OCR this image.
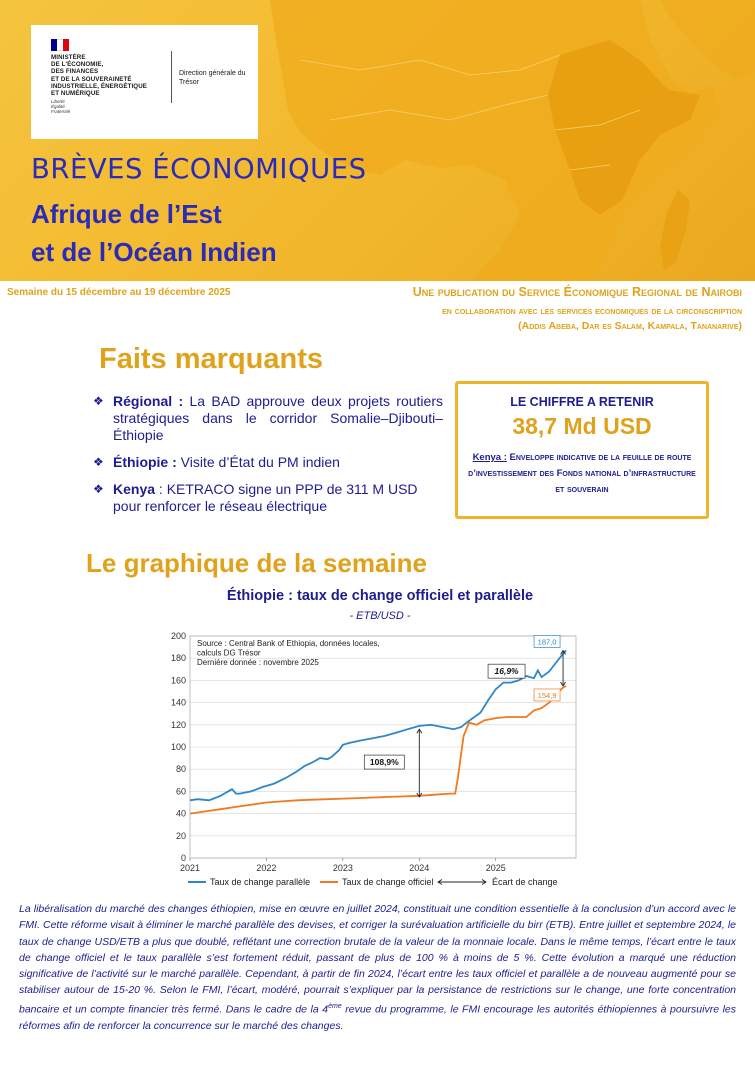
MINISTÈRE
DE L'ÉCONOMIE,
DES FINANCES
ET DE LA SOUVERAINETÉ
INDUSTRIELLE, ÉNERGÉTIQUE
ET NUMÉRIQUE
Liberté
Égalité
Fraternité
Direction générale du Trésor
BRÈVES ÉCONOMIQUES
Afrique de l’Est
et de l’Océan Indien
Semaine du 15 décembre au 19 décembre 2025	Une publication du Service Économique Regional de Nairobi
en collaboration avec les services economiques de la circonscription
(Addis Abeba, Dar es Salam, Kampala, Tananarive)
Faits marquants
❖ Régional : La BAD approuve deux projets routiers stratégiques dans le corridor Somalie–Djibouti–Éthiopie
❖ Éthiopie : Visite d’État du PM indien
❖ Kenya : KETRACO signe un PPP de 311 M USD pour renforcer le réseau électrique
LE CHIFFRE A RETENIR
38,7 Md USD
Kenya : Enveloppe indicative de la feuille de route d’investissement des Fonds national d’infrastructure et souverain
Le graphique de la semaine
Éthiopie : taux de change officiel et parallèle
- ETB/USD -
0
20
40
60
80
100
120
140
160
180
200
2021	2022	2023	2024	2025
Source : Central Bank of Ethiopia, données locales,
calculs DG Trésor
Dernière donnée : novembre 2025
108,9%
16,9%
187,0
154,9
Taux de change parallèle	Taux de change officiel	Écart de change
La libéralisation du marché des changes éthiopien, mise en œuvre en juillet 2024, constituait une condition essentielle à la conclusion d’un accord avec le FMI. Cette réforme visait à éliminer le marché parallèle des devises, et corriger la surévaluation artificielle du birr (ETB). Entre juillet et septembre 2024, le taux de change USD/ETB a plus que doublé, reflétant une correction brutale de la valeur de la monnaie locale. Dans le même temps, l’écart entre le taux de change officiel et le taux parallèle s’est fortement réduit, passant de plus de 100 % à moins de 5 %. Cette évolution a marqué une réduction significative de l’activité sur le marché parallèle. Cependant, à partir de fin 2024, l’écart entre les taux officiel et parallèle a de nouveau augmenté pour se stabiliser autour de 15-20 %. Selon le FMI, l’écart, modéré, pourrait s’expliquer par la persistance de restrictions sur le change, une forte concentration bancaire et un compte financier très fermé. Dans le cadre de la 4ème revue du programme, le FMI encourage les autorités éthiopiennes à poursuivre les réformes afin de renforcer la concurrence sur le marché des changes.
